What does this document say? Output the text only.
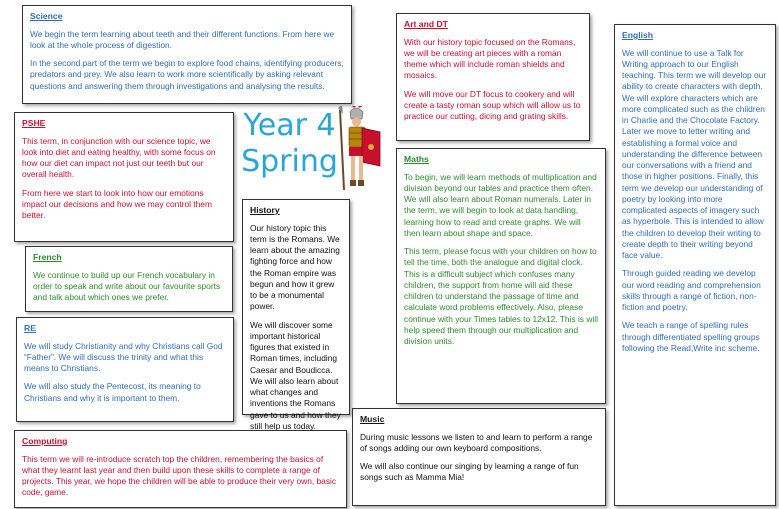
Science

We begin the term learning about teeth and their different functions. From here we look at the whole process of digestion.

In the second part of the term we begin to explore food chains, identifying producers, predators and prey. We also learn to work more scientifically by asking relevant questions and answering them through investigations and analysing the results.

PSHE

This term, in conjunction with our science topic, we look into diet and eating healthy, with some focus on how our diet can impact not just our teeth but our overall health.

From here we start to look into how our emotions impact our decisions and how we may control them better.

Year 4
Spring
French

We continue to build up our French vocabulary in order to speak and write about our favourite sports and talk about which ones we prefer.

RE

We will study Christianity and why Christians call God “Father”. We will discuss the trinity and what this means to Christians.

We will also study the Pentecost, its meaning to Christians and why it is important to them.

Computing

This term we will re-introduce scratch top the children, remembering the basics of what they learnt last year and then build upon these skills to complete a range of projects. This year, we hope the children will be able to produce their very own, basic code, game.

History

Our history topic this term is the Romans. We learn about the amazing fighting force and how the Roman empire was begun and how it grew to be a monumental power.

We will discover some important historical figures that existed in Roman times, including Caesar and Boudicca. We will also learn about what changes and inventions the Romans gave to us and how they still help us today.

Art and DT

With our history topic focused on the Romans, we will be creating art pieces with a roman theme which will include roman shields and mosaics.

We will move our DT focus to cookery and will create a tasty roman soup which will allow us to practice our cutting, dicing and grating skills.

Maths

To begin, we will learn methods of multiplication and division beyond our tables and practice them often. We will also learn about Roman numerals. Later in the term, we will begin to look at data handling, learning how to read and create graphs. We will then learn about shape and space.

This term, please focus with your children on how to tell the time, both the analogue and digital clock. This is a difficult subject which confuses many children, the support from home will aid these children to understand the passage of time and calculate word problems effectively. Also, please continue with your Times tables to 12x12. This is will help speed them through our multiplication and division units.

Music

During music lessons we listen to and learn to perform a range of songs adding our own keyboard compositions.

We will also continue our singing by learning a range of fun songs such as Mamma Mia!

English

We will continue to use a Talk for Writing approach to our English teaching. This term we will develop our ability to create characters with depth. We will explore characters which are more complicated such as the children in Charlie and the Chocolate Factory. Later we move to letter writing and establishing a formal voice and understanding the difference between our conversations with a friend and those in higher positions. Finally, this term we develop our understanding of poetry by looking into more complicated aspects of imagery such as hyperbole. This is intended to allow the children to develop their writing to create depth to their writing beyond face value.

Through guided reading we develop our word reading and comprehension skills through a range of fiction, non-fiction and poetry.

We teach a range of spelling rules through differentiated spelling groups following the Read,Write inc scheme.
